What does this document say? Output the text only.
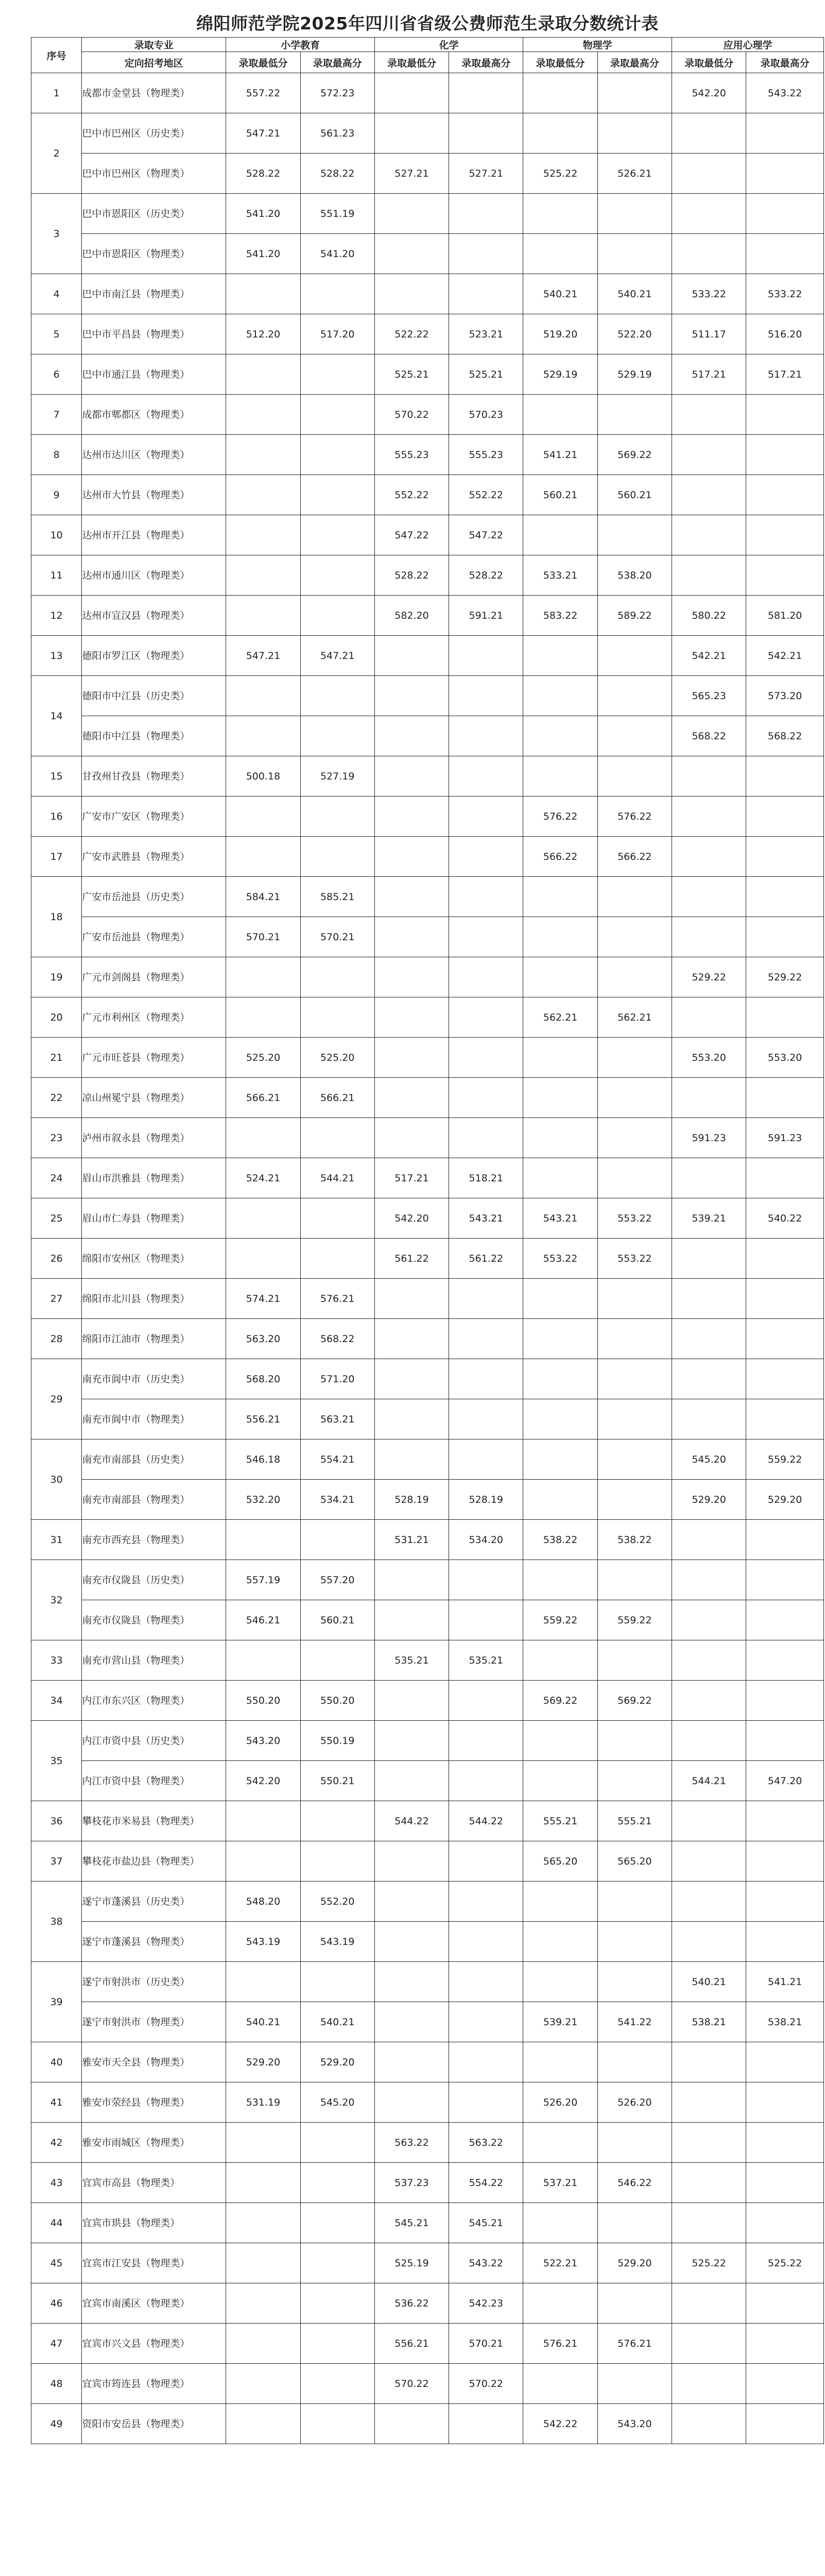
绵阳师范学院2025年四川省省级公费师范生录取分数统计表
序号	录取专业	小学教育		化学		物理学		应用心理学	
	定向招考地区	录取最低分	录取最高分	录取最低分	录取最高分	录取最低分	录取最高分	录取最低分	录取最高分
1	成都市金堂县（物理类）	557.22	572.23					542.20	543.22
2	巴中市巴州区（历史类）	547.21	561.23						
	巴中市巴州区（物理类）	528.22	528.22	527.21	527.21	525.22	526.21		
3	巴中市恩阳区（历史类）	541.20	551.19						
	巴中市恩阳区（物理类）	541.20	541.20						
4	巴中市南江县（物理类）					540.21	540.21	533.22	533.22
5	巴中市平昌县（物理类）	512.20	517.20	522.22	523.21	519.20	522.20	511.17	516.20
6	巴中市通江县（物理类）			525.21	525.21	529.19	529.19	517.21	517.21
7	成都市郫都区（物理类）			570.22	570.23				
8	达州市达川区（物理类）			555.23	555.23	541.21	569.22		
9	达州市大竹县（物理类）			552.22	552.22	560.21	560.21		
10	达州市开江县（物理类）			547.22	547.22				
11	达州市通川区（物理类）			528.22	528.22	533.21	538.20		
12	达州市宣汉县（物理类）			582.20	591.21	583.22	589.22	580.22	581.20
13	德阳市罗江区（物理类）	547.21	547.21					542.21	542.21
14	德阳市中江县（历史类）							565.23	573.20
	德阳市中江县（物理类）							568.22	568.22
15	甘孜州甘孜县（物理类）	500.18	527.19						
16	广安市广安区（物理类）					576.22	576.22		
17	广安市武胜县（物理类）					566.22	566.22		
18	广安市岳池县（历史类）	584.21	585.21						
	广安市岳池县（物理类）	570.21	570.21						
19	广元市剑阁县（物理类）							529.22	529.22
20	广元市利州区（物理类）					562.21	562.21		
21	广元市旺苍县（物理类）	525.20	525.20					553.20	553.20
22	凉山州冕宁县（物理类）	566.21	566.21						
23	泸州市叙永县（物理类）							591.23	591.23
24	眉山市洪雅县（物理类）	524.21	544.21	517.21	518.21				
25	眉山市仁寿县（物理类）			542.20	543.21	543.21	553.22	539.21	540.22
26	绵阳市安州区（物理类）			561.22	561.22	553.22	553.22		
27	绵阳市北川县（物理类）	574.21	576.21						
28	绵阳市江油市（物理类）	563.20	568.22						
29	南充市阆中市（历史类）	568.20	571.20						
	南充市阆中市（物理类）	556.21	563.21						
30	南充市南部县（历史类）	546.18	554.21					545.20	559.22
	南充市南部县（物理类）	532.20	534.21	528.19	528.19			529.20	529.20
31	南充市西充县（物理类）			531.21	534.20	538.22	538.22		
32	南充市仪陇县（历史类）	557.19	557.20						
	南充市仪陇县（物理类）	546.21	560.21			559.22	559.22		
33	南充市营山县（物理类）			535.21	535.21				
34	内江市东兴区（物理类）	550.20	550.20			569.22	569.22		
35	内江市资中县（历史类）	543.20	550.19						
	内江市资中县（物理类）	542.20	550.21					544.21	547.20
36	攀枝花市米易县（物理类）			544.22	544.22	555.21	555.21		
37	攀枝花市盐边县（物理类）					565.20	565.20		
38	遂宁市蓬溪县（历史类）	548.20	552.20						
	遂宁市蓬溪县（物理类）	543.19	543.19						
39	遂宁市射洪市（历史类）							540.21	541.21
	遂宁市射洪市（物理类）	540.21	540.21			539.21	541.22	538.21	538.21
40	雅安市天全县（物理类）	529.20	529.20						
41	雅安市荥经县（物理类）	531.19	545.20			526.20	526.20		
42	雅安市雨城区（物理类）			563.22	563.22				
43	宜宾市高县（物理类）			537.23	554.22	537.21	546.22		
44	宜宾市珙县（物理类）			545.21	545.21				
45	宜宾市江安县（物理类）			525.19	543.22	522.21	529.20	525.22	525.22
46	宜宾市南溪区（物理类）			536.22	542.23				
47	宜宾市兴文县（物理类）			556.21	570.21	576.21	576.21		
48	宜宾市筠连县（物理类）			570.22	570.22				
49	资阳市安岳县（物理类）					542.22	543.20		
